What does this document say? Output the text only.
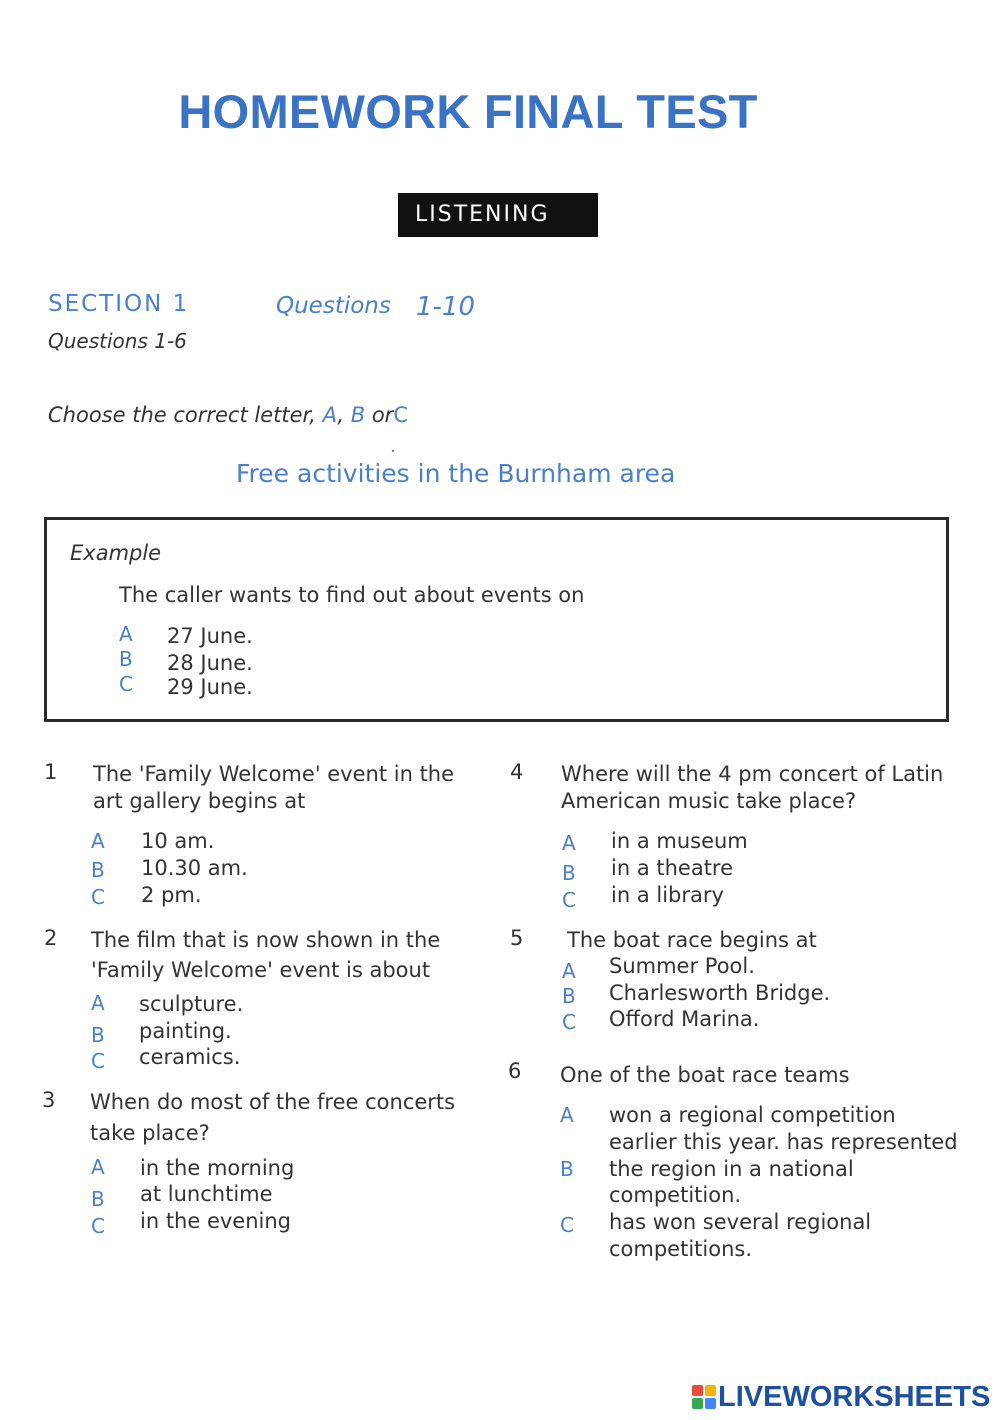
HOMEWORK FINAL TEST
LISTENING
SECTION 1	Questions 1-10
Questions 1-6
Choose the correct letter, A, B orC
.
Free activities in the Burnham area
Example
The caller wants to find out about events on
A 27 June.
B 28 June.
C 29 June.
1 The 'Family Welcome' event in the
art gallery begins at
A 10 am.
B 10.30 am.
C 2 pm.
2 The film that is now shown in the
'Family Welcome' event is about
A sculpture.
B painting.
C ceramics.
3 When do most of the free concerts
take place?
A in the morning
B at lunchtime
C in the evening
4 Where will the 4 pm concert of Latin
American music take place?
A in a museum
B in a theatre
C in a library
5 The boat race begins at
A Summer Pool.
B Charlesworth Bridge.
C Offord Marina.
6 One of the boat race teams
A won a regional competition
earlier this year. has represented
B the region in a national
competition.
C has won several regional
competitions.
LIVEWORKSHEETS
